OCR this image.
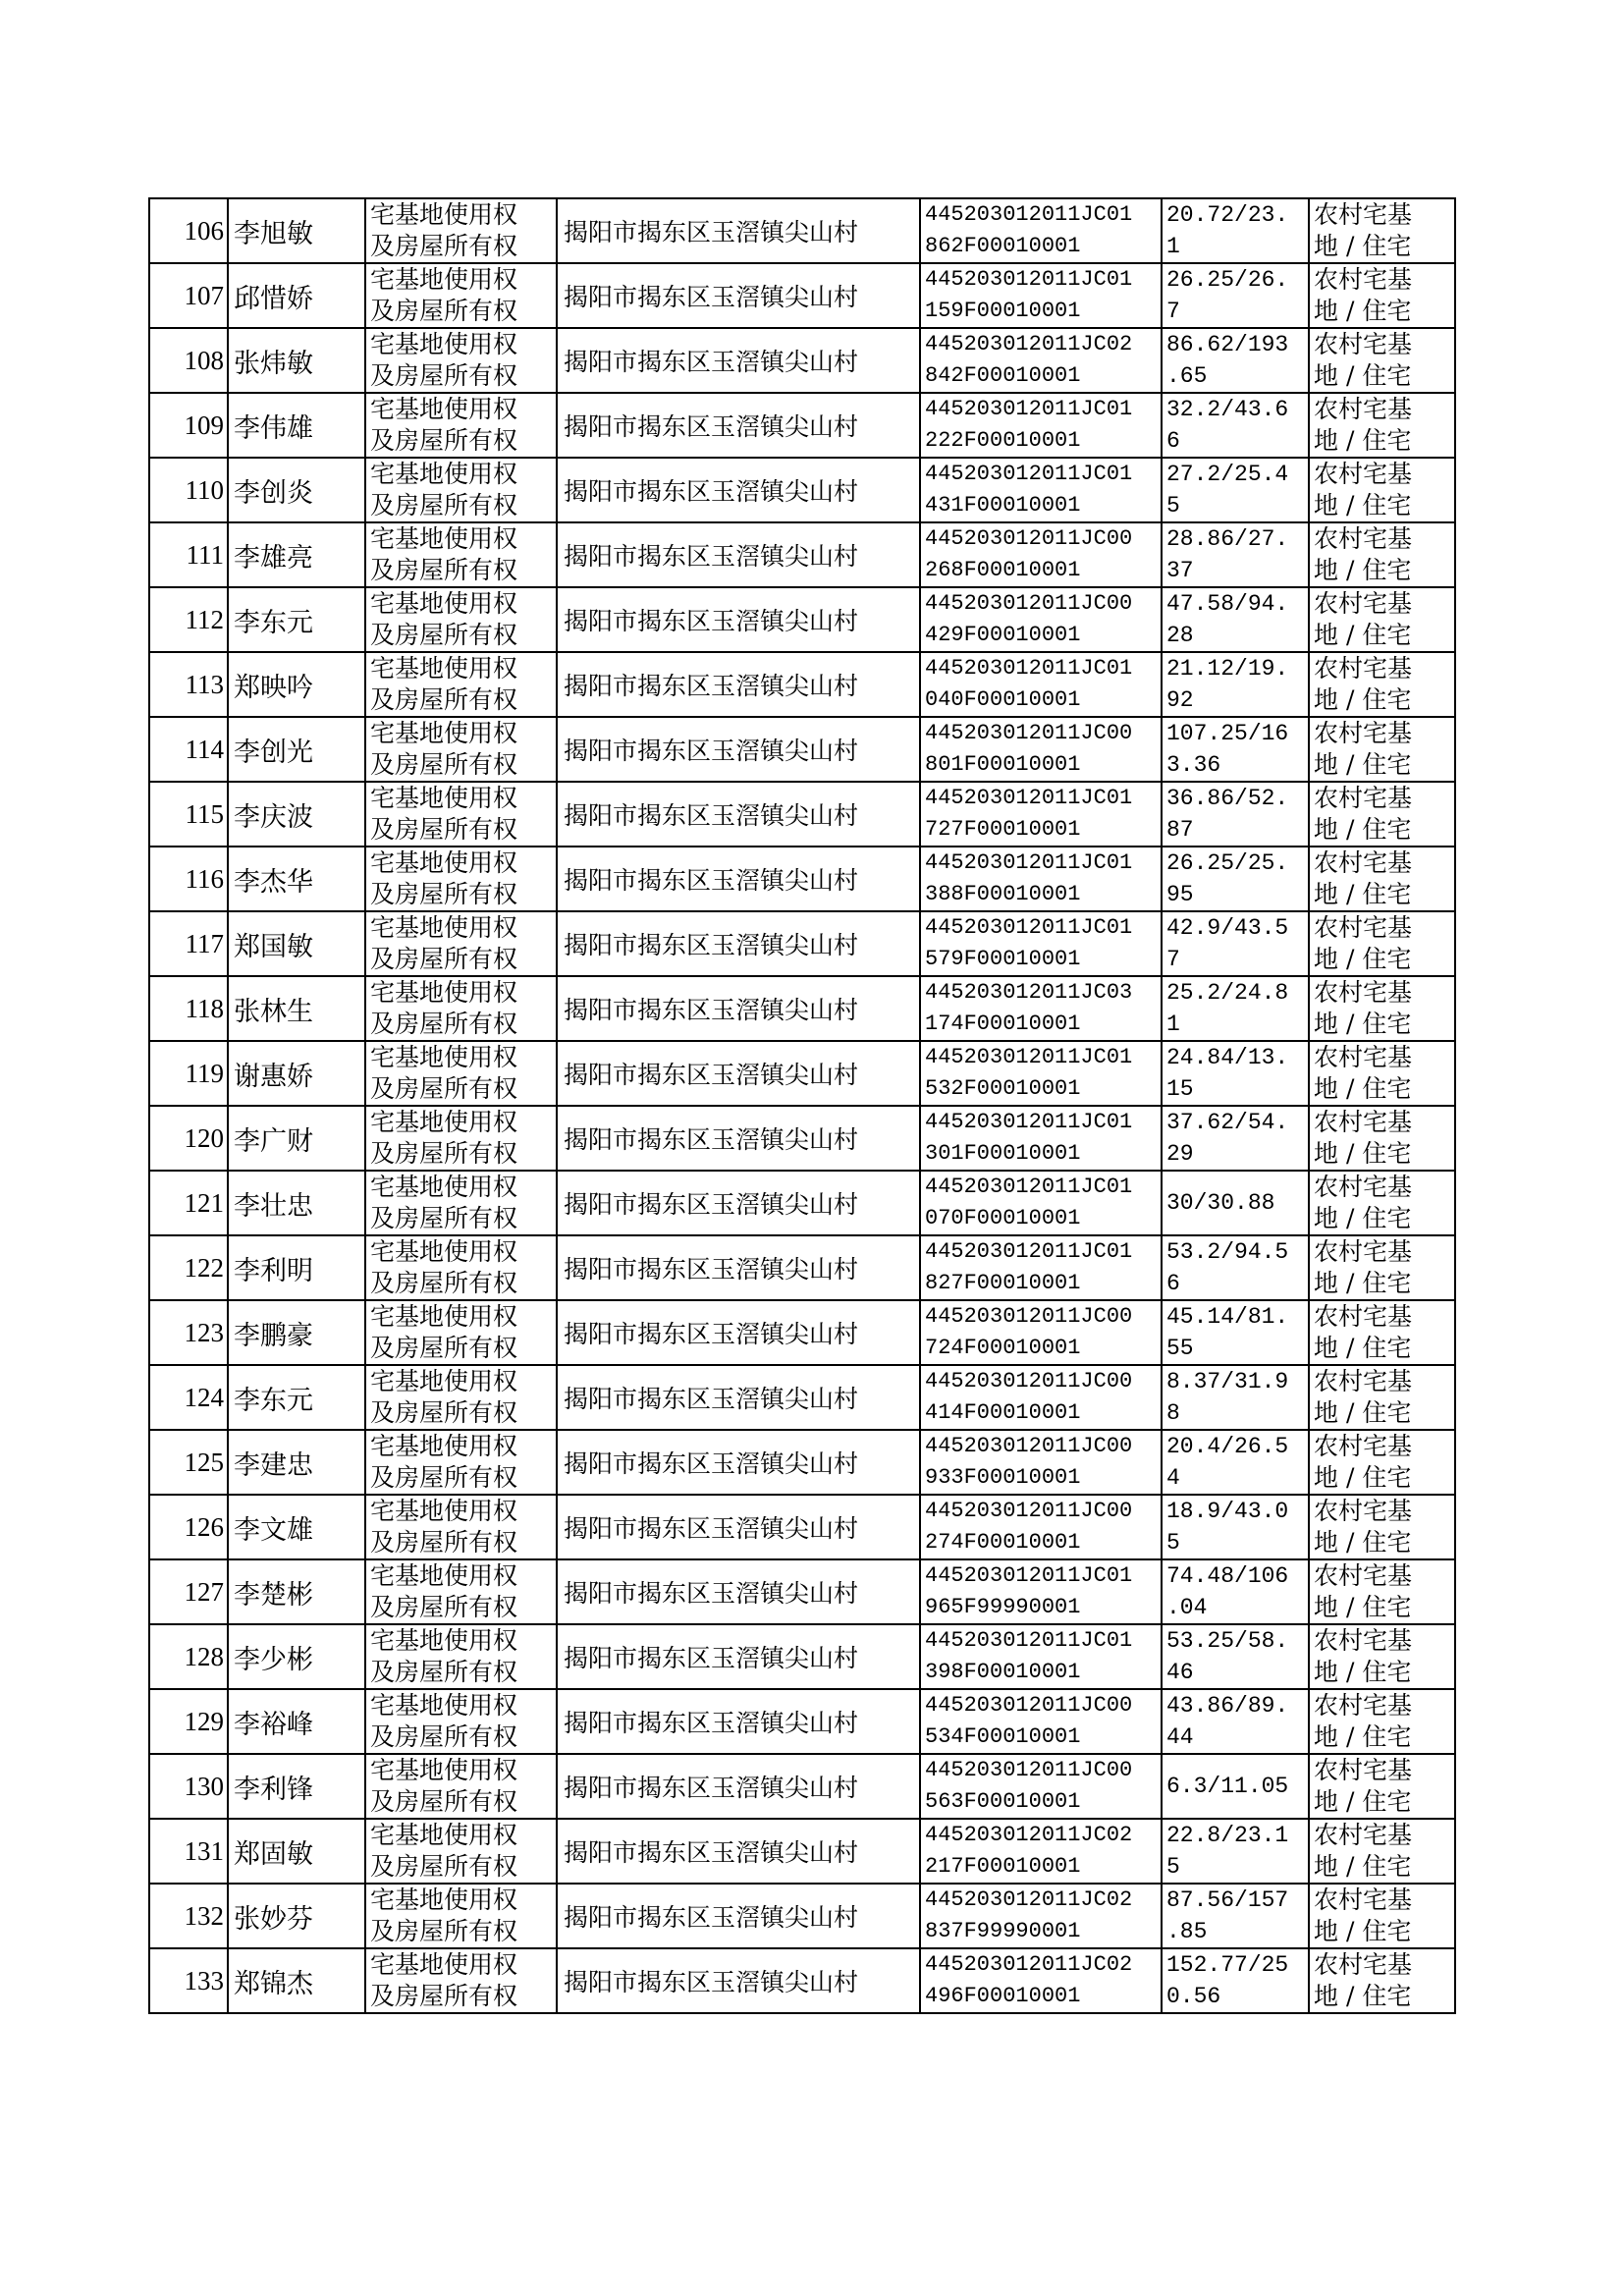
106	李旭敏	宅基地使用权
及房屋所有权	揭阳市揭东区玉滘镇尖山村	445203012011JC01
862F00010001	20.72/23.
1	农村宅基
地 / 住宅

107	邱惜娇	宅基地使用权
及房屋所有权	揭阳市揭东区玉滘镇尖山村	445203012011JC01
159F00010001	26.25/26.
7	农村宅基
地 / 住宅

108	张炜敏	宅基地使用权
及房屋所有权	揭阳市揭东区玉滘镇尖山村	445203012011JC02
842F00010001	86.62/193
.65	农村宅基
地 / 住宅

109	李伟雄	宅基地使用权
及房屋所有权	揭阳市揭东区玉滘镇尖山村	445203012011JC01
222F00010001	32.2/43.6
6	农村宅基
地 / 住宅

110	李创炎	宅基地使用权
及房屋所有权	揭阳市揭东区玉滘镇尖山村	445203012011JC01
431F00010001	27.2/25.4
5	农村宅基
地 / 住宅

111	李雄亮	宅基地使用权
及房屋所有权	揭阳市揭东区玉滘镇尖山村	445203012011JC00
268F00010001	28.86/27.
37	农村宅基
地 / 住宅

112	李东元	宅基地使用权
及房屋所有权	揭阳市揭东区玉滘镇尖山村	445203012011JC00
429F00010001	47.58/94.
28	农村宅基
地 / 住宅

113	郑映吟	宅基地使用权
及房屋所有权	揭阳市揭东区玉滘镇尖山村	445203012011JC01
040F00010001	21.12/19.
92	农村宅基
地 / 住宅

114	李创光	宅基地使用权
及房屋所有权	揭阳市揭东区玉滘镇尖山村	445203012011JC00
801F00010001	107.25/16
3.36	农村宅基
地 / 住宅

115	李庆波	宅基地使用权
及房屋所有权	揭阳市揭东区玉滘镇尖山村	445203012011JC01
727F00010001	36.86/52.
87	农村宅基
地 / 住宅

116	李杰华	宅基地使用权
及房屋所有权	揭阳市揭东区玉滘镇尖山村	445203012011JC01
388F00010001	26.25/25.
95	农村宅基
地 / 住宅

117	郑国敏	宅基地使用权
及房屋所有权	揭阳市揭东区玉滘镇尖山村	445203012011JC01
579F00010001	42.9/43.5
7	农村宅基
地 / 住宅

118	张林生	宅基地使用权
及房屋所有权	揭阳市揭东区玉滘镇尖山村	445203012011JC03
174F00010001	25.2/24.8
1	农村宅基
地 / 住宅

119	谢惠娇	宅基地使用权
及房屋所有权	揭阳市揭东区玉滘镇尖山村	445203012011JC01
532F00010001	24.84/13.
15	农村宅基
地 / 住宅

120	李广财	宅基地使用权
及房屋所有权	揭阳市揭东区玉滘镇尖山村	445203012011JC01
301F00010001	37.62/54.
29	农村宅基
地 / 住宅

121	李壮忠	宅基地使用权
及房屋所有权	揭阳市揭东区玉滘镇尖山村	445203012011JC01
070F00010001	30/30.88	农村宅基
地 / 住宅

122	李利明	宅基地使用权
及房屋所有权	揭阳市揭东区玉滘镇尖山村	445203012011JC01
827F00010001	53.2/94.5
6	农村宅基
地 / 住宅

123	李鹏豪	宅基地使用权
及房屋所有权	揭阳市揭东区玉滘镇尖山村	445203012011JC00
724F00010001	45.14/81.
55	农村宅基
地 / 住宅

124	李东元	宅基地使用权
及房屋所有权	揭阳市揭东区玉滘镇尖山村	445203012011JC00
414F00010001	8.37/31.9
8	农村宅基
地 / 住宅

125	李建忠	宅基地使用权
及房屋所有权	揭阳市揭东区玉滘镇尖山村	445203012011JC00
933F00010001	20.4/26.5
4	农村宅基
地 / 住宅

126	李文雄	宅基地使用权
及房屋所有权	揭阳市揭东区玉滘镇尖山村	445203012011JC00
274F00010001	18.9/43.0
5	农村宅基
地 / 住宅

127	李楚彬	宅基地使用权
及房屋所有权	揭阳市揭东区玉滘镇尖山村	445203012011JC01
965F99990001	74.48/106
.04	农村宅基
地 / 住宅

128	李少彬	宅基地使用权
及房屋所有权	揭阳市揭东区玉滘镇尖山村	445203012011JC01
398F00010001	53.25/58.
46	农村宅基
地 / 住宅

129	李裕峰	宅基地使用权
及房屋所有权	揭阳市揭东区玉滘镇尖山村	445203012011JC00
534F00010001	43.86/89.
44	农村宅基
地 / 住宅

130	李利锋	宅基地使用权
及房屋所有权	揭阳市揭东区玉滘镇尖山村	445203012011JC00
563F00010001	6.3/11.05	农村宅基
地 / 住宅

131	郑固敏	宅基地使用权
及房屋所有权	揭阳市揭东区玉滘镇尖山村	445203012011JC02
217F00010001	22.8/23.1
5	农村宅基
地 / 住宅

132	张妙芬	宅基地使用权
及房屋所有权	揭阳市揭东区玉滘镇尖山村	445203012011JC02
837F99990001	87.56/157
.85	农村宅基
地 / 住宅

133	郑锦杰	宅基地使用权
及房屋所有权	揭阳市揭东区玉滘镇尖山村	445203012011JC02
496F00010001	152.77/25
0.56	农村宅基
地 / 住宅
